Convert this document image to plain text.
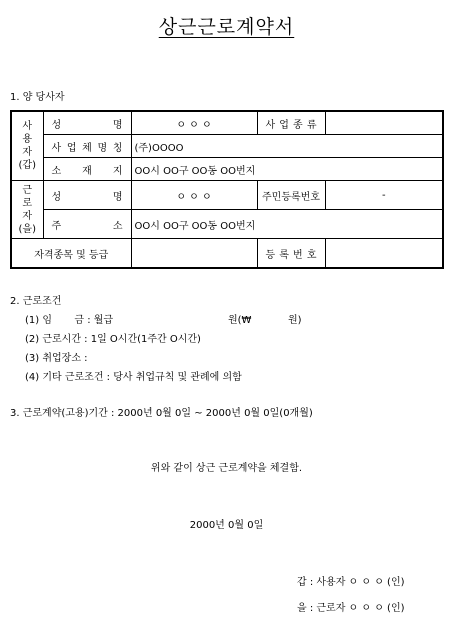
상근근로계약서
1. 양 당사자
사
용
자
(갑)	성 명	ㅇ ㅇ ㅇ	사 업 종 류	
	사 업 체 명 칭	(주)OOOO		
	소 재 지	OO시 OO구 OO동 OO번지		

근
로
자
(을)	성 명	ㅇ ㅇ ㅇ	주민등록번호	-
	주 소	OO시 OO구 OO동 OO번지		
자격종목 및 등급			등 록 번 호	
2. 근로조건
(1) 임 금 : 월급	원(₩	원)
(2) 근로시간 : 1일 O시간(1주간 O시간)
(3) 취업장소 :
(4) 기타 근로조건 : 당사 취업규칙 및 관례에 의함
3. 근로계약(고용)기간 : 2000년 0월 0일 ~ 2000년 0월 0일(0개월)
위와 같이 상근 근로계약을 체결함.
2000년 0월 0일
갑 : 사용자 ㅇ ㅇ ㅇ (인)
을 : 근로자 ㅇ ㅇ ㅇ (인)
